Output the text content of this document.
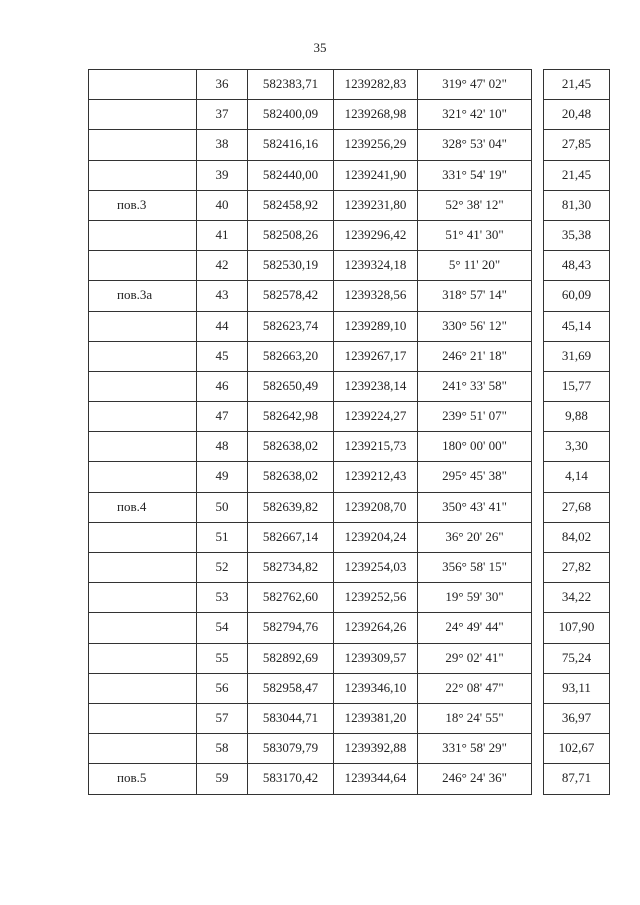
35
	36	582383,71	1239282,83	319° 47' 02"		21,45
	37	582400,09	1239268,98	321° 42' 10"		20,48
	38	582416,16	1239256,29	328° 53' 04"		27,85
	39	582440,00	1239241,90	331° 54' 19"		21,45
пов.3	40	582458,92	1239231,80	52° 38' 12"		81,30
	41	582508,26	1239296,42	51° 41' 30"		35,38
	42	582530,19	1239324,18	5° 11' 20"		48,43
пов.3а	43	582578,42	1239328,56	318° 57' 14"		60,09
	44	582623,74	1239289,10	330° 56' 12"		45,14
	45	582663,20	1239267,17	246° 21' 18"		31,69
	46	582650,49	1239238,14	241° 33' 58"		15,77
	47	582642,98	1239224,27	239° 51' 07"		9,88
	48	582638,02	1239215,73	180° 00' 00"		3,30
	49	582638,02	1239212,43	295° 45' 38"		4,14
пов.4	50	582639,82	1239208,70	350° 43' 41"		27,68
	51	582667,14	1239204,24	36° 20' 26"		84,02
	52	582734,82	1239254,03	356° 58' 15"		27,82
	53	582762,60	1239252,56	19° 59' 30"		34,22
	54	582794,76	1239264,26	24° 49' 44"		107,90
	55	582892,69	1239309,57	29° 02' 41"		75,24
	56	582958,47	1239346,10	22° 08' 47"		93,11
	57	583044,71	1239381,20	18° 24' 55"		36,97
	58	583079,79	1239392,88	331° 58' 29"		102,67
пов.5	59	583170,42	1239344,64	246° 24' 36"		87,71
